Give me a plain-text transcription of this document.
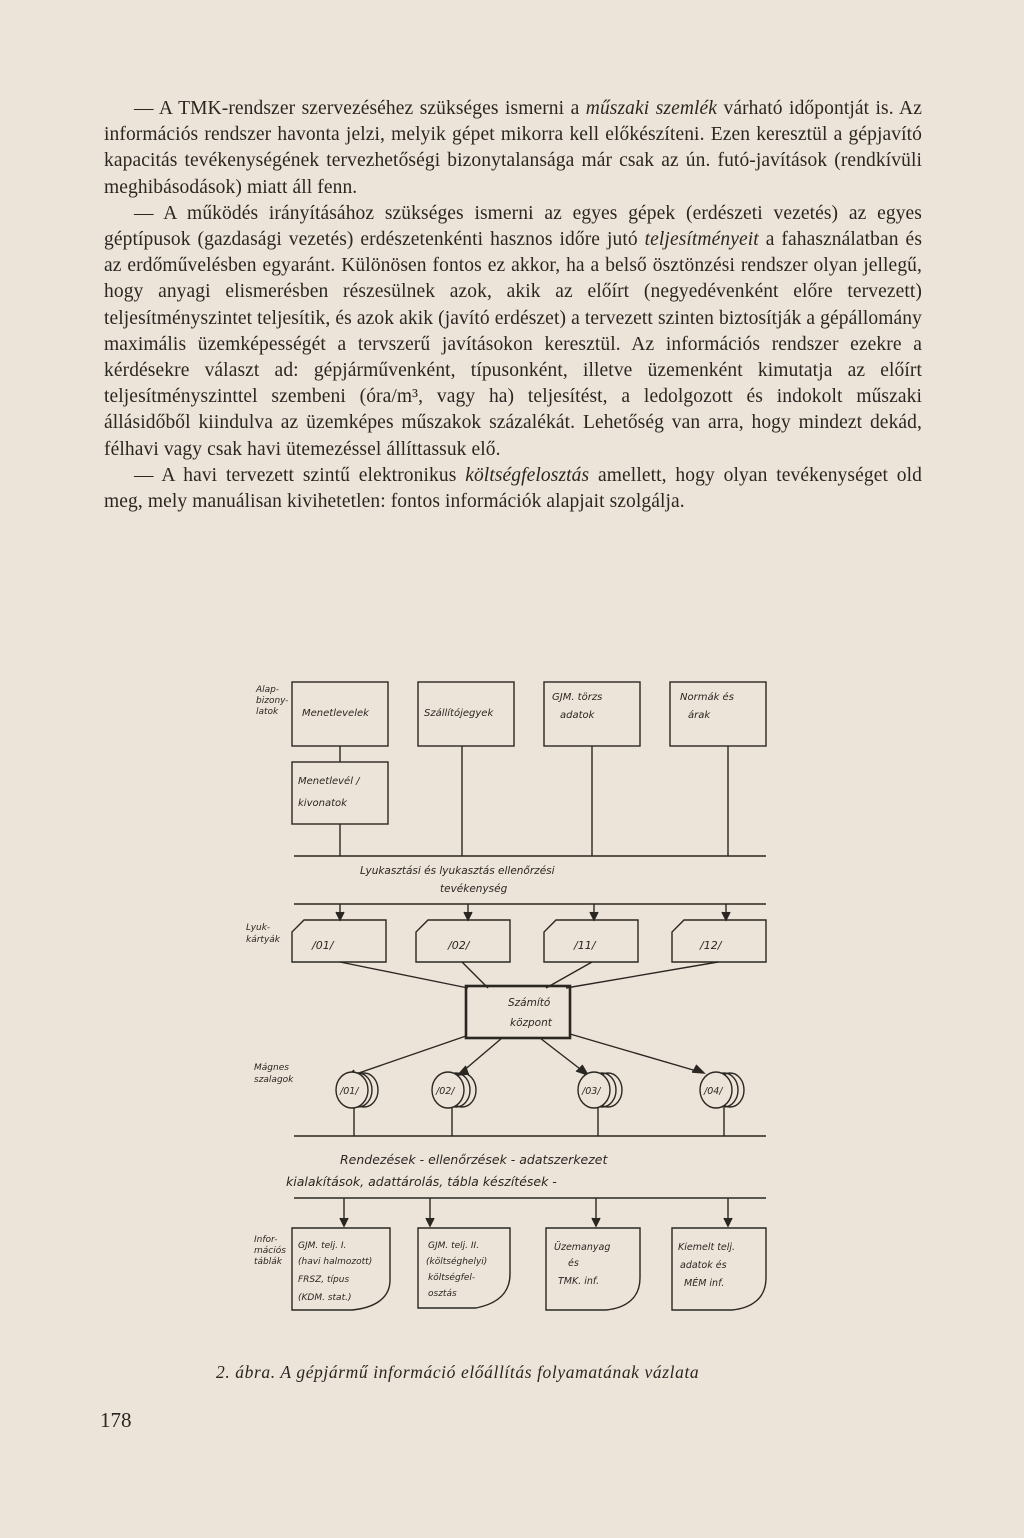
— A TMK-rendszer szervezéséhez szükséges ismerni a műszaki szemlék várható időpontját is. Az információs rendszer havonta jelzi, melyik gépet mikorra kell előkészíteni. Ezen keresztül a gépjavító kapacitás tevékenységének tervezhetőségi bizonytalansága már csak az ún. futó-javítások (rendkívüli meghibásodások) miatt áll fenn.

— A működés irányításához szükséges ismerni az egyes gépek (erdészeti vezetés) az egyes géptípusok (gazdasági vezetés) erdészetenkénti hasznos időre jutó teljesítményeit a fahasználatban és az erdőművelésben egyaránt. Különösen fontos ez akkor, ha a belső ösztönzési rendszer olyan jellegű, hogy anyagi elismerésben részesülnek azok, akik az előírt (negyedévenként előre tervezett) teljesítményszintet teljesítik, és azok akik (javító erdészet) a tervezett szinten biztosítják a gépállomány maximális üzemképességét a tervszerű javításokon keresztül. Az információs rendszer ezekre a kérdésekre választ ad: gépjárművenként, típusonként, illetve üzemenként kimutatja az előírt teljesítményszinttel szembeni (óra/m³, vagy ha) teljesítést, a ledolgozott és indokolt műszaki állásidőből kiindulva az üzemképes műszakok százalékát. Lehetőség van arra, hogy mindezt dekád, félhavi vagy csak havi ütemezéssel állíttassuk elő.

— A havi tervezett szintű elektronikus költségfelosztás amellett, hogy olyan tevékenységet old meg, mely manuálisan kivihetetlen: fontos információk alapjait szolgálja.

Alap-
bizony-
latok
Lyuk-
kártyák
Mágnes
szalagok
Infor-
mációs
táblák
Menetlevelek	Szállítójegyek
GJM. törzs
adatok
Normák és
árak
Menetlevél /
kivonatok
Lyukasztási és lyukasztás ellenőrzési
tevékenység
/01/	/02/	/11/	/12/
Számító
központ
/01/	/02/	/03/	/04/
Rendezések - ellenőrzések - adatszerkezet
kialakítások, adattárolás, tábla készítések -
GJM. telj. I.
(havi halmozott)
FRSZ, típus
(KDM. stat.)
GJM. telj. II.
(költséghelyi)
költségfel-
osztás
Üzemanyag
és
TMK. inf.
Kiemelt telj.
adatok és
MÉM inf.
2. ábra. A gépjármű információ előállítás folyamatának vázlata
178
